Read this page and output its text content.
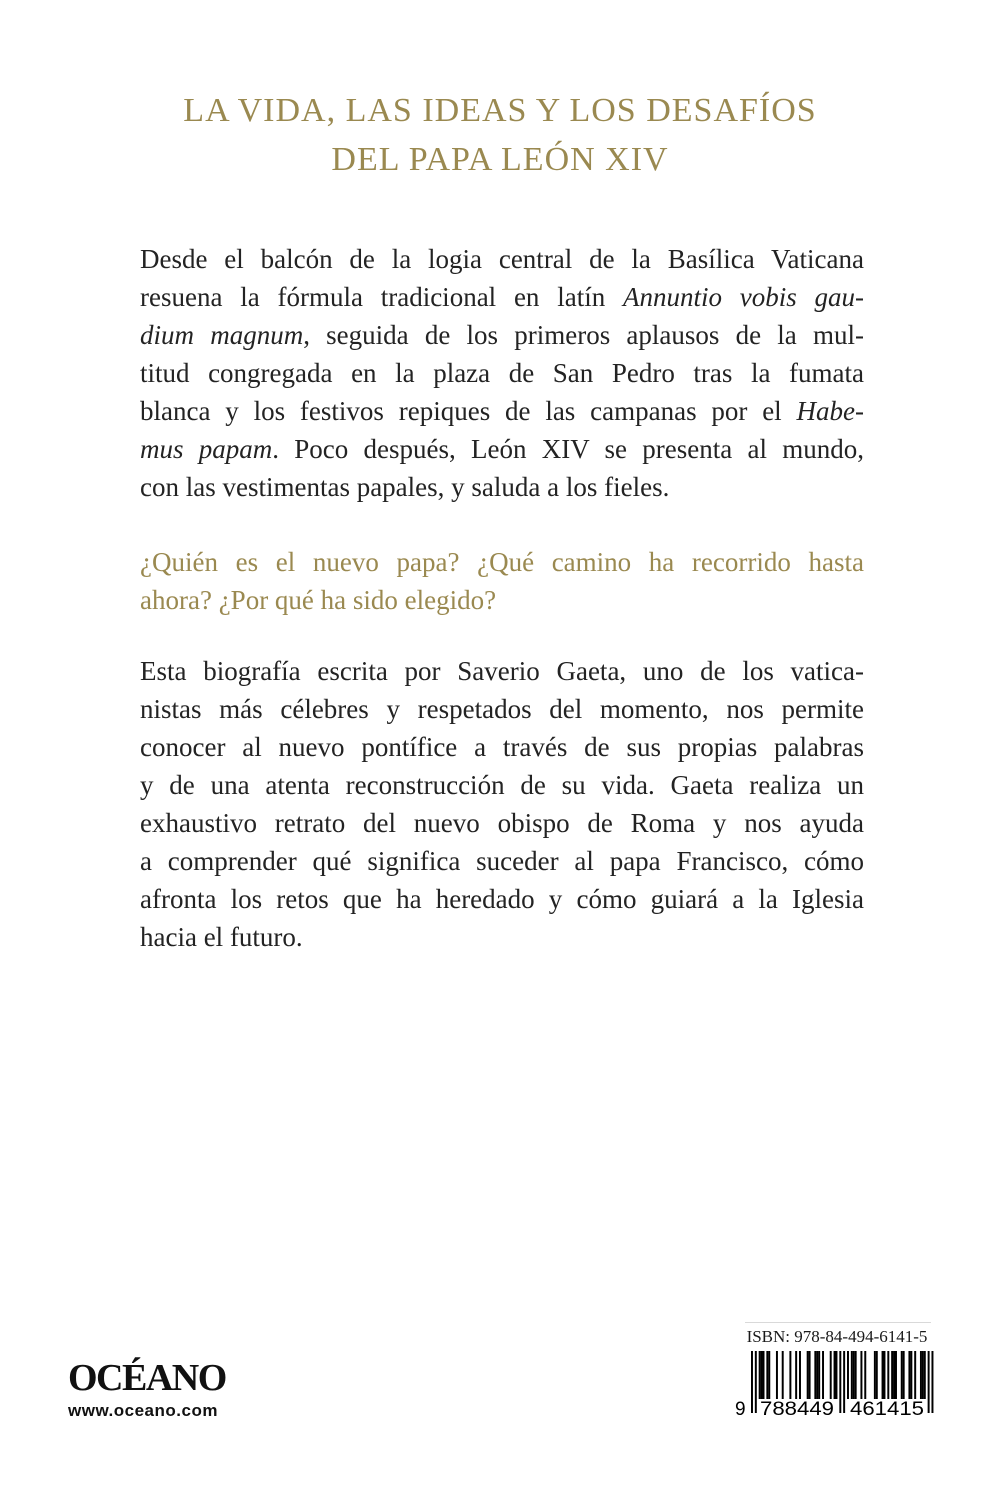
LA VIDA, LAS IDEAS Y LOS DESAFÍOS
DEL PAPA LEÓN XIV
Desde el balcón de la logia central de la Basílica Vaticana
resuena la fórmula tradicional en latín Annuntio vobis gau-
dium magnum, seguida de los primeros aplausos de la mul-
titud congregada en la plaza de San Pedro tras la fumata
blanca y los festivos repiques de las campanas por el Habe-
mus papam. Poco después, León XIV se presenta al mundo,
con las vestimentas papales, y saluda a los fieles.
¿Quién es el nuevo papa? ¿Qué camino ha recorrido hasta
ahora? ¿Por qué ha sido elegido?
Esta biografía escrita por Saverio Gaeta, uno de los vatica-
nistas más célebres y respetados del momento, nos permite
conocer al nuevo pontífice a través de sus propias palabras
y de una atenta reconstrucción de su vida. Gaeta realiza un
exhaustivo retrato del nuevo obispo de Roma y nos ayuda
a comprender qué significa suceder al papa Francisco, cómo
afronta los retos que ha heredado y cómo guiará a la Iglesia
hacia el futuro.
OCÉANO
www.oceano.com
ISBN: 978-84-494-6141-5
9 788449 461415
